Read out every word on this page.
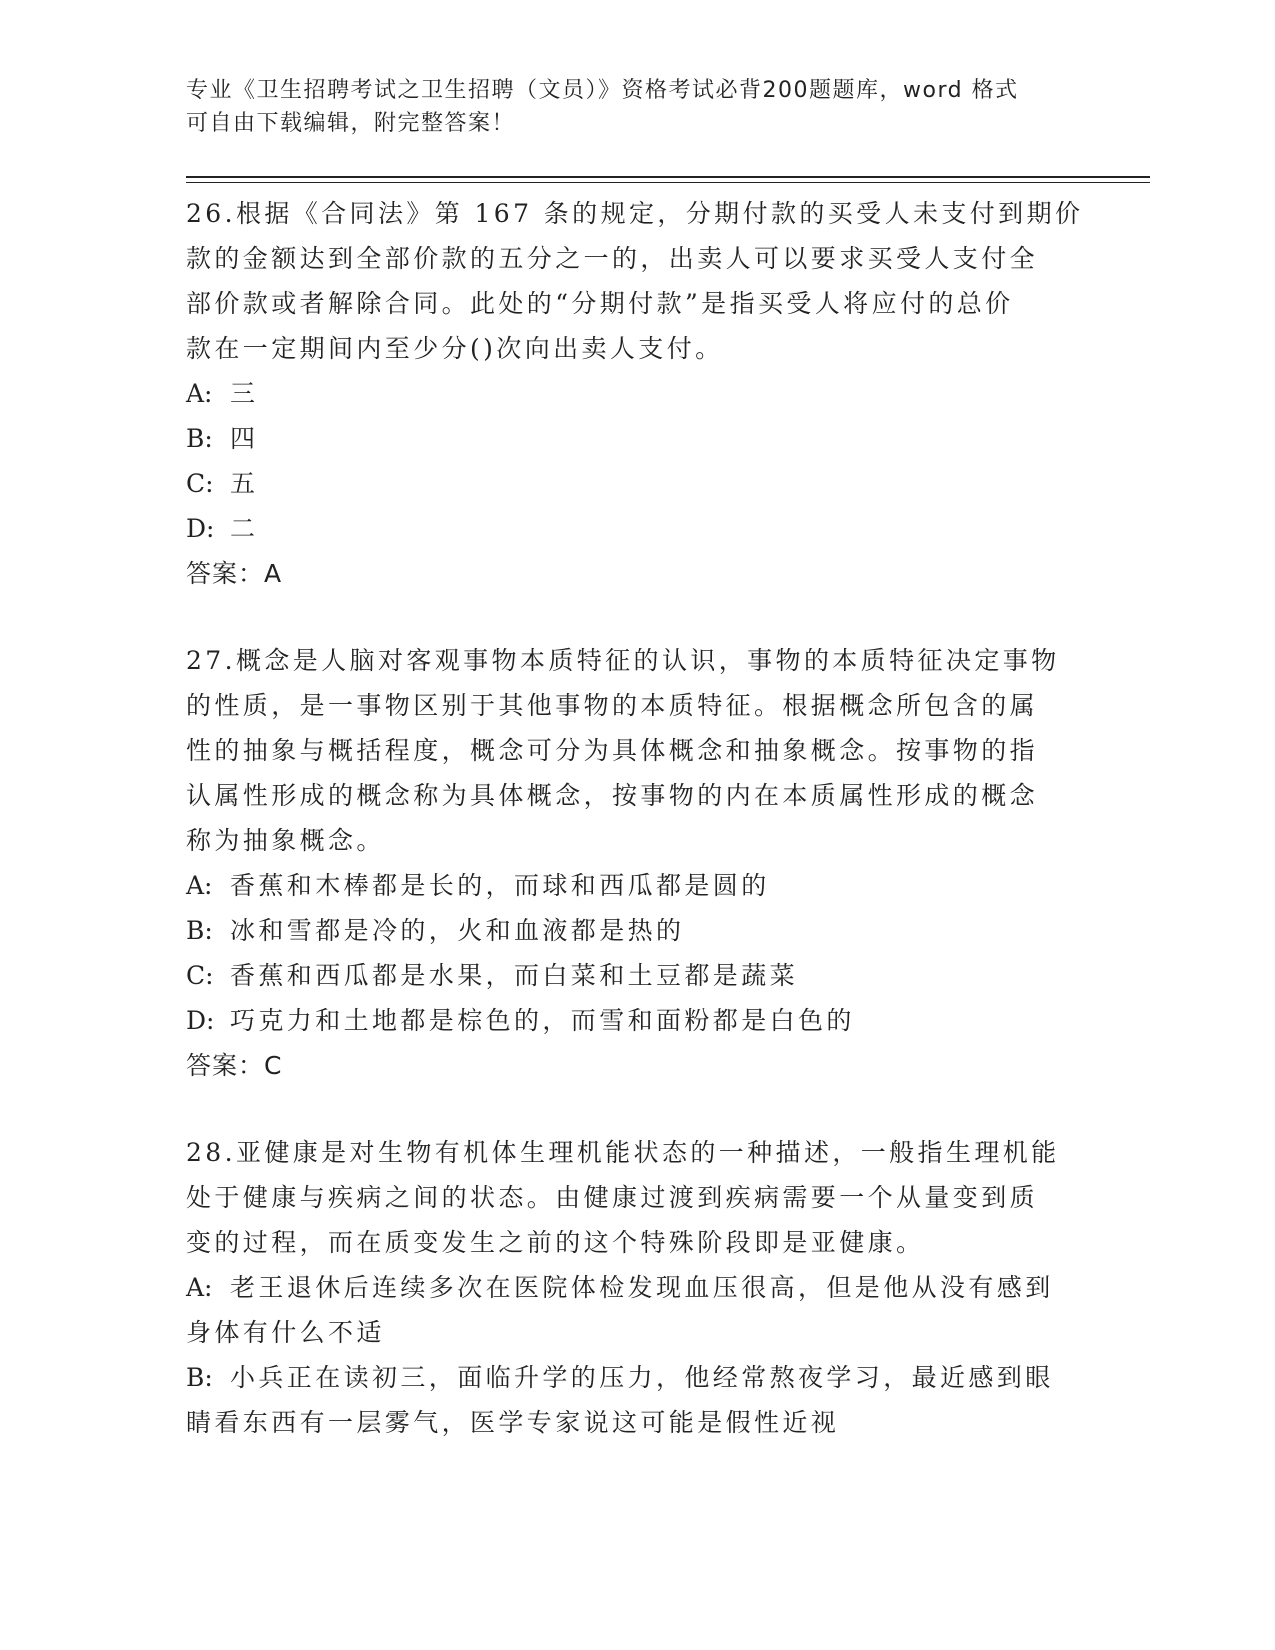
专业《卫生招聘考试之卫生招聘（文员）》资格考试必背200题题库，word 格式
可自由下载编辑，附完整答案！
26.根据《合同法》第 167 条的规定，分期付款的买受人未支付到期价
款的金额达到全部价款的五分之一的，出卖人可以要求买受人支付全
部价款或者解除合同。此处的“分期付款”是指买受人将应付的总价
款在一定期间内至少分()次向出卖人支付。
A: 三
B: 四
C: 五
D: 二
答案：A
27.概念是人脑对客观事物本质特征的认识，事物的本质特征决定事物
的性质，是一事物区别于其他事物的本质特征。根据概念所包含的属
性的抽象与概括程度，概念可分为具体概念和抽象概念。按事物的指
认属性形成的概念称为具体概念，按事物的内在本质属性形成的概念
称为抽象概念。
A: 香蕉和木棒都是长的，而球和西瓜都是圆的
B: 冰和雪都是冷的，火和血液都是热的
C: 香蕉和西瓜都是水果，而白菜和土豆都是蔬菜
D: 巧克力和土地都是棕色的，而雪和面粉都是白色的
答案：C
28.亚健康是对生物有机体生理机能状态的一种描述，一般指生理机能
处于健康与疾病之间的状态。由健康过渡到疾病需要一个从量变到质
变的过程，而在质变发生之前的这个特殊阶段即是亚健康。
A: 老王退休后连续多次在医院体检发现血压很高，但是他从没有感到
身体有什么不适
B: 小兵正在读初三，面临升学的压力，他经常熬夜学习，最近感到眼
睛看东西有一层雾气，医学专家说这可能是假性近视
